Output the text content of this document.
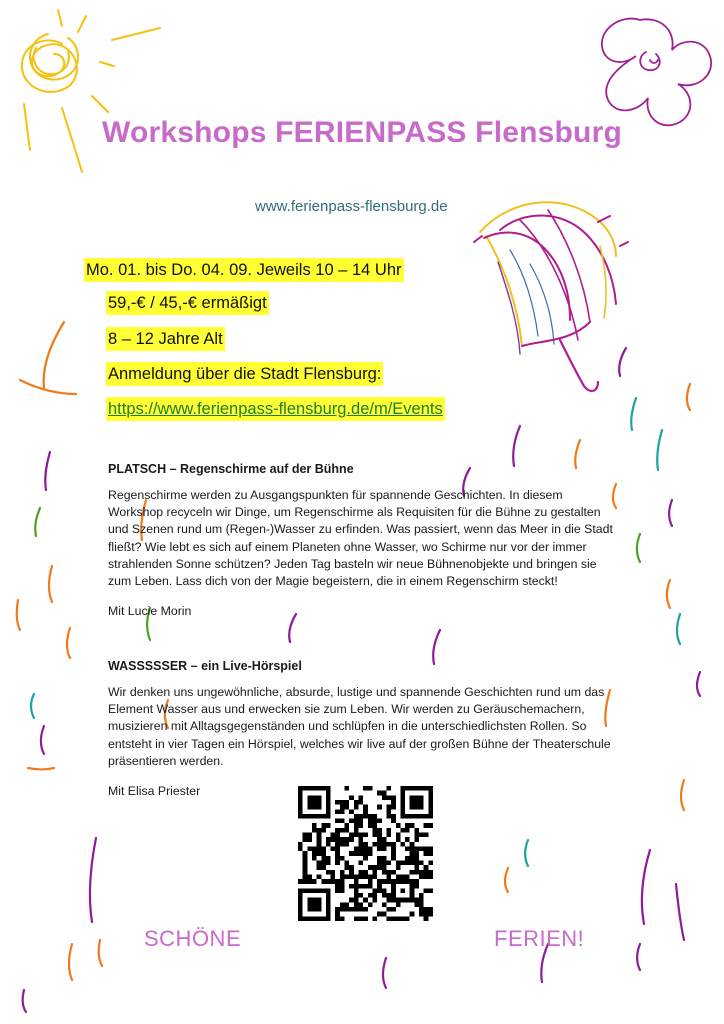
Workshops FERIENPASS Flensburg
www.ferienpass-flensburg.de
Mo. 01. bis Do. 04. 09. Jeweils 10 – 14 Uhr
59,-€ / 45,-€ ermäßigt
8 – 12 Jahre Alt
Anmeldung über die Stadt Flensburg:
https://www.ferienpass-flensburg.de/m/Events
PLATSCH – Regenschirme auf der Bühne
Regenschirme werden zu Ausgangspunkten für spannende Geschichten. In diesem
Workshop recyceln wir Dinge, um Regenschirme als Requisiten für die Bühne zu gestalten
und Szenen rund um (Regen-)Wasser zu erfinden. Was passiert, wenn das Meer in die Stadt
fließt? Wie lebt es sich auf einem Planeten ohne Wasser, wo Schirme nur vor der immer
strahlenden Sonne schützen? Jeden Tag basteln wir neue Bühnenobjekte und bringen sie
zum Leben. Lass dich von der Magie begeistern, die in einem Regenschirm steckt!
Mit Lucie Morin
WASSSSSER – ein Live-Hörspiel
Wir denken uns ungewöhnliche, absurde, lustige und spannende Geschichten rund um das
Element Wasser aus und erwecken sie zum Leben. Wir werden zu Geräuschemachern,
musizieren mit Alltagsgegenständen und schlüpfen in die unterschiedlichsten Rollen. So
entsteht in vier Tagen ein Hörspiel, welches wir live auf der großen Bühne der Theaterschule
präsentieren werden.
Mit Elisa Priester
SCHÖNE	FERIEN!
